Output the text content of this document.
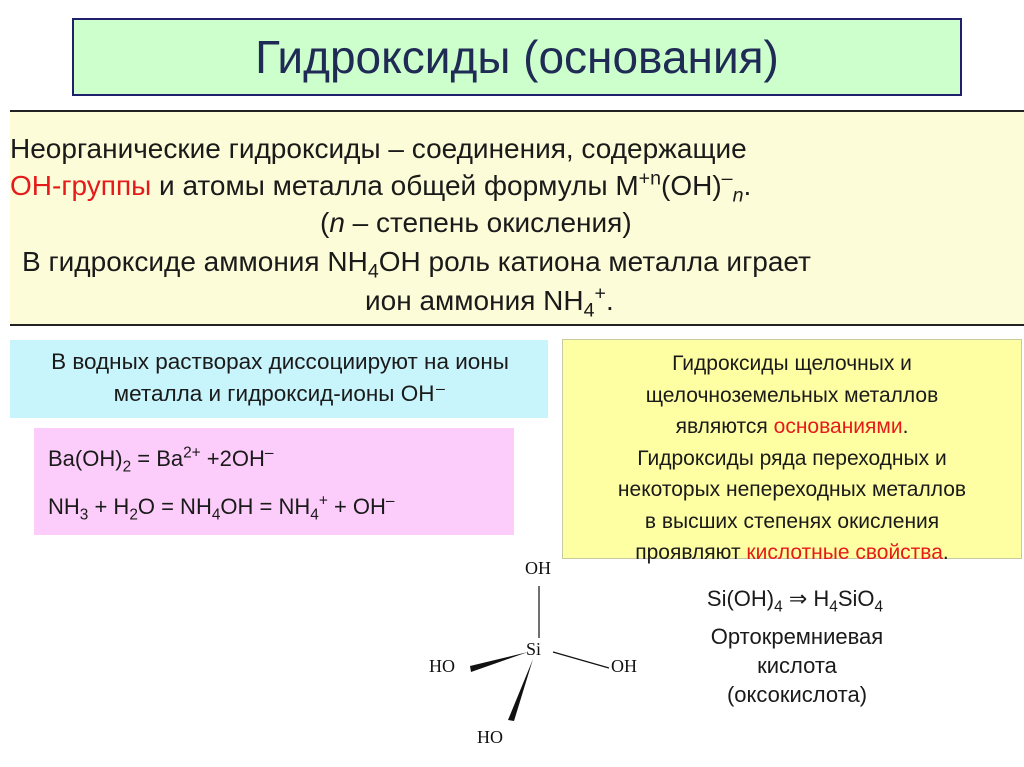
Гидроксиды (основания)
Неорганические гидроксиды – соединения, содержащие
ОН-группы и атомы металла общей формулы $М^{+n}(ОН)^-_n$.
(n – степень окисления)
В гидроксиде аммония $NH_4OH$ роль катиона металла играет
ион аммония $NH_4^+$.
В водных растворах диссоциируют на ионы металла и гидроксид-ионы ОН⁻
$Ba(OH)_2 = Ba^{2+} +2OH^-$
$NH_3 + H_2O = NH_4OH = NH_4^+ + OH^-$
Гидроксиды щелочных и
щелочноземельных металлов
являются основаниями.
Гидроксиды ряда переходных и
некоторых непереходных металлов
в высших степенях окисления
проявляют кислотные свойства.
OH
Si
HO	OH
HO
$Si(OH)_4$ ⇒ $H_4SiO_4$
Ортокремниевая
кислота
(оксокислота)
